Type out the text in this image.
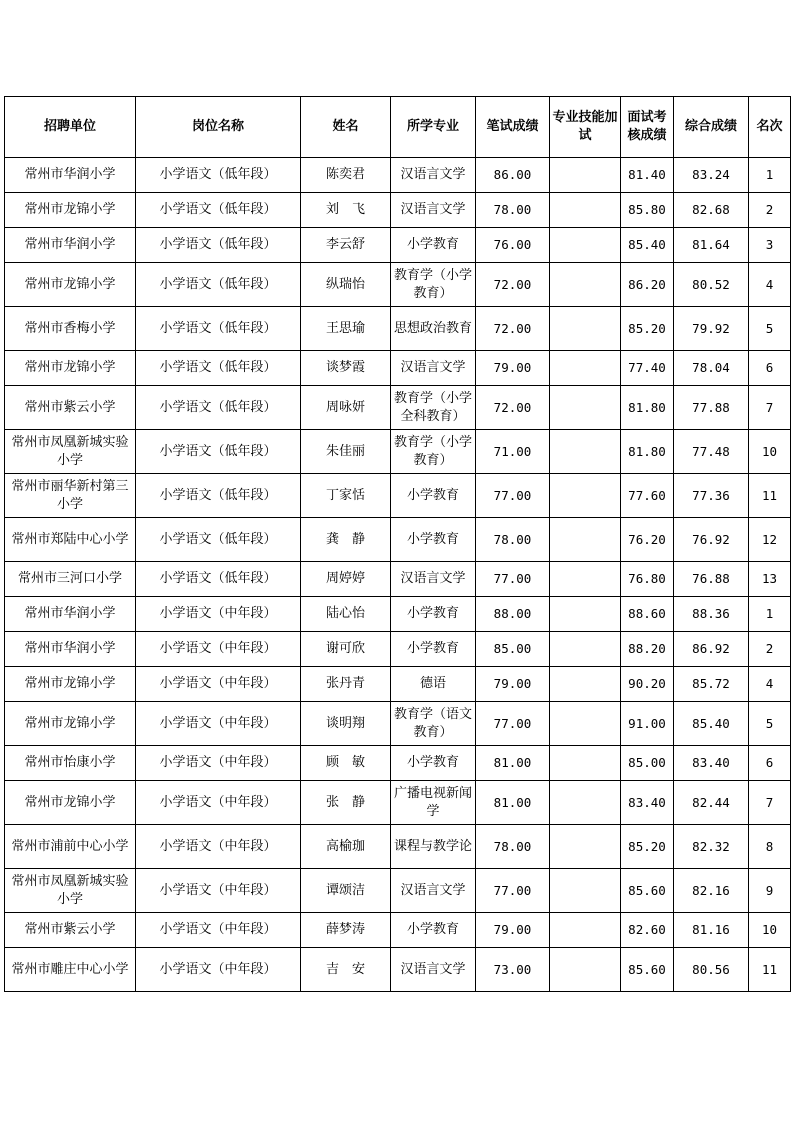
招聘单位	岗位名称	姓名	所学专业	笔试成绩	专业技能加试	面试考核成绩	综合成绩	名次
常州市华润小学	小学语文（低年段）	陈奕君	汉语言文学	86.00		81.40	83.24	1
常州市龙锦小学	小学语文（低年段）	刘　飞	汉语言文学	78.00		85.80	82.68	2
常州市华润小学	小学语文（低年段）	李云舒	小学教育	76.00		85.40	81.64	3
常州市龙锦小学	小学语文（低年段）	纵瑞怡	教育学（小学教育）	72.00		86.20	80.52	4
常州市香梅小学	小学语文（低年段）	王思瑜	思想政治教育	72.00		85.20	79.92	5
常州市龙锦小学	小学语文（低年段）	谈梦霞	汉语言文学	79.00		77.40	78.04	6
常州市紫云小学	小学语文（低年段）	周咏妍	教育学（小学全科教育）	72.00		81.80	77.88	7
常州市凤凰新城实验小学	小学语文（低年段）	朱佳丽	教育学（小学教育）	71.00		81.80	77.48	10
常州市丽华新村第三小学	小学语文（低年段）	丁家恬	小学教育	77.00		77.60	77.36	11
常州市郑陆中心小学	小学语文（低年段）	龚　静	小学教育	78.00		76.20	76.92	12
常州市三河口小学	小学语文（低年段）	周婷婷	汉语言文学	77.00		76.80	76.88	13
常州市华润小学	小学语文（中年段）	陆心怡	小学教育	88.00		88.60	88.36	1
常州市华润小学	小学语文（中年段）	谢可欣	小学教育	85.00		88.20	86.92	2
常州市龙锦小学	小学语文（中年段）	张丹青	德语	79.00		90.20	85.72	4
常州市龙锦小学	小学语文（中年段）	谈明翔	教育学（语文教育）	77.00		91.00	85.40	5
常州市怡康小学	小学语文（中年段）	顾　敏	小学教育	81.00		85.00	83.40	6
常州市龙锦小学	小学语文（中年段）	张　静	广播电视新闻学	81.00		83.40	82.44	7
常州市浦前中心小学	小学语文（中年段）	高榆珈	课程与教学论	78.00		85.20	82.32	8
常州市凤凰新城实验小学	小学语文（中年段）	谭颂洁	汉语言文学	77.00		85.60	82.16	9
常州市紫云小学	小学语文（中年段）	薛梦涛	小学教育	79.00		82.60	81.16	10
常州市雕庄中心小学	小学语文（中年段）	吉　安	汉语言文学	73.00		85.60	80.56	11
